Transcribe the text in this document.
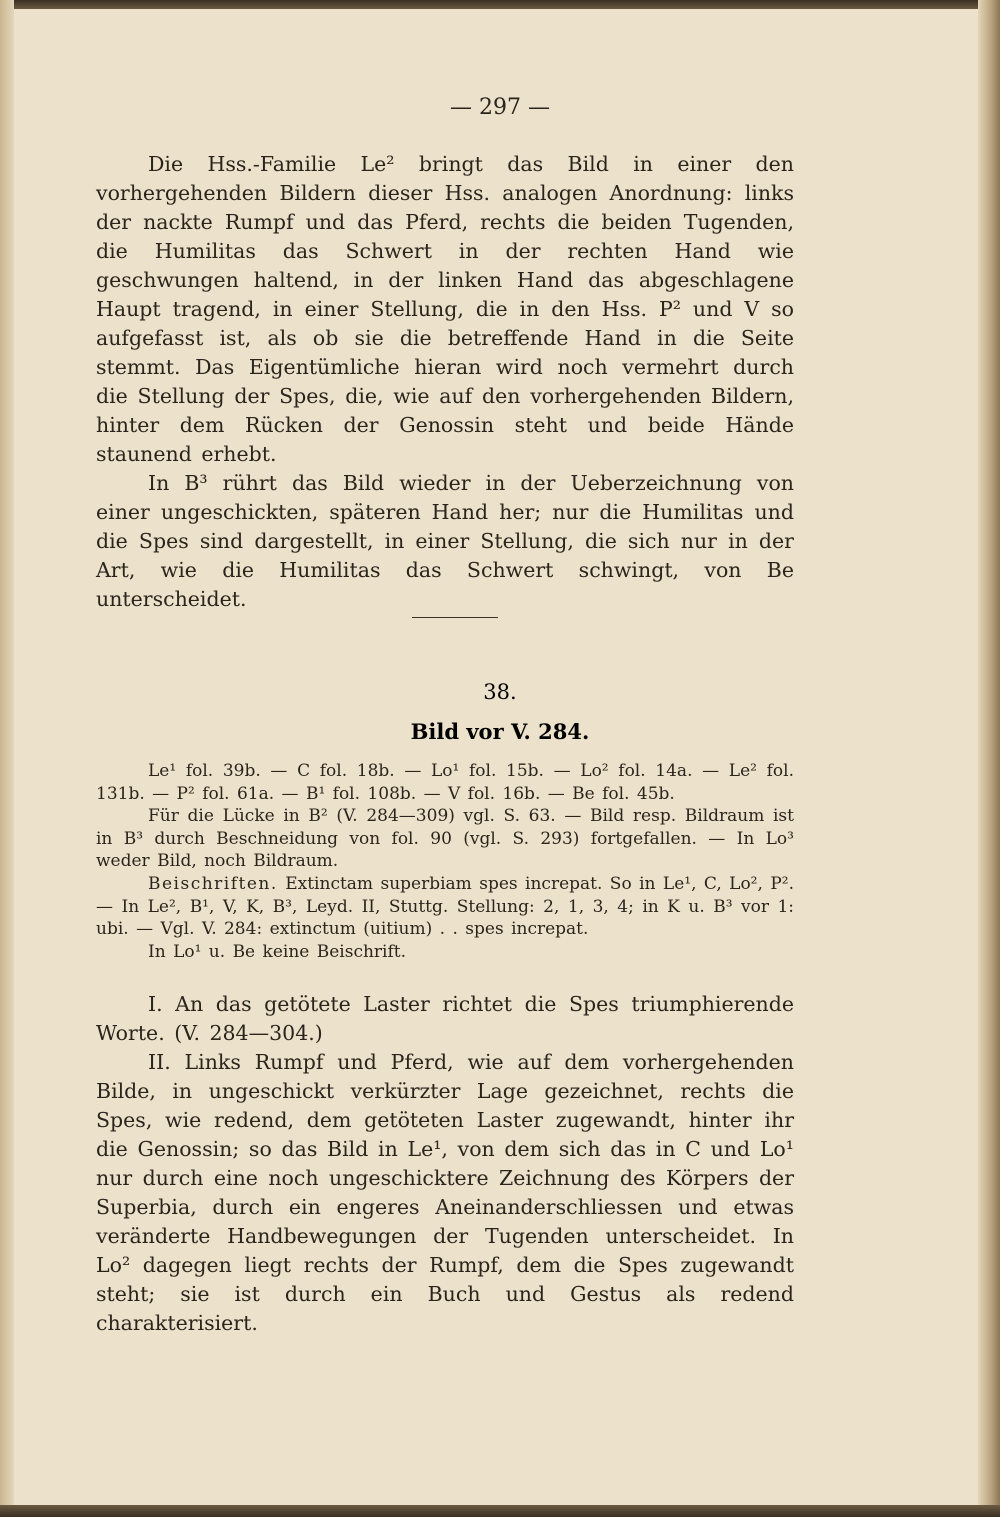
— 297 —

Die Hss.-Familie Le² bringt das Bild in einer den vorhergehenden Bildern dieser Hss. analogen Anordnung: links der nackte Rumpf und das Pferd, rechts die beiden Tugenden, die Humilitas das Schwert in der rechten Hand wie geschwungen haltend, in der linken Hand das abgeschlagene Haupt tragend, in einer Stellung, die in den Hss. P² und V so aufgefasst ist, als ob sie die betreffende Hand in die Seite stemmt. Das Eigentümliche hieran wird noch vermehrt durch die Stellung der Spes, die, wie auf den vorhergehenden Bildern, hinter dem Rücken der Genossin steht und beide Hände staunend erhebt.

In B³ rührt das Bild wieder in der Ueberzeichnung von einer ungeschickten, späteren Hand her; nur die Humilitas und die Spes sind dargestellt, in einer Stellung, die sich nur in der Art, wie die Humilitas das Schwert schwingt, von Be unterscheidet.

38.
Bild vor V. 284.

Le¹ fol. 39b. — C fol. 18b. — Lo¹ fol. 15b. — Lo² fol. 14a. — Le² fol. 131b. — P² fol. 61a. — B¹ fol. 108b. — V fol. 16b. — Be fol. 45b.

Für die Lücke in B² (V. 284—309) vgl. S. 63. — Bild resp. Bildraum ist in B³ durch Beschneidung von fol. 90 (vgl. S. 293) fortgefallen. — In Lo³ weder Bild, noch Bildraum.

Beischriften. Extinctam superbiam spes increpat. So in Le¹, C, Lo², P². — In Le², B¹, V, K, B³, Leyd. II, Stuttg. Stellung: 2, 1, 3, 4; in K u. B³ vor 1: ubi. — Vgl. V. 284: extinctum (uitium) . . spes increpat.

In Lo¹ u. Be keine Beischrift.

I. An das getötete Laster richtet die Spes triumphierende Worte. (V. 284—304.)

II. Links Rumpf und Pferd, wie auf dem vorhergehenden Bilde, in ungeschickt verkürzter Lage gezeichnet, rechts die Spes, wie redend, dem getöteten Laster zugewandt, hinter ihr die Genossin; so das Bild in Le¹, von dem sich das in C und Lo¹ nur durch eine noch ungeschicktere Zeichnung des Körpers der Superbia, durch ein engeres Aneinanderschliessen und etwas veränderte Handbewegungen der Tugenden unterscheidet. In Lo² dagegen liegt rechts der Rumpf, dem die Spes zugewandt steht; sie ist durch ein Buch und Gestus als redend charakterisiert.
